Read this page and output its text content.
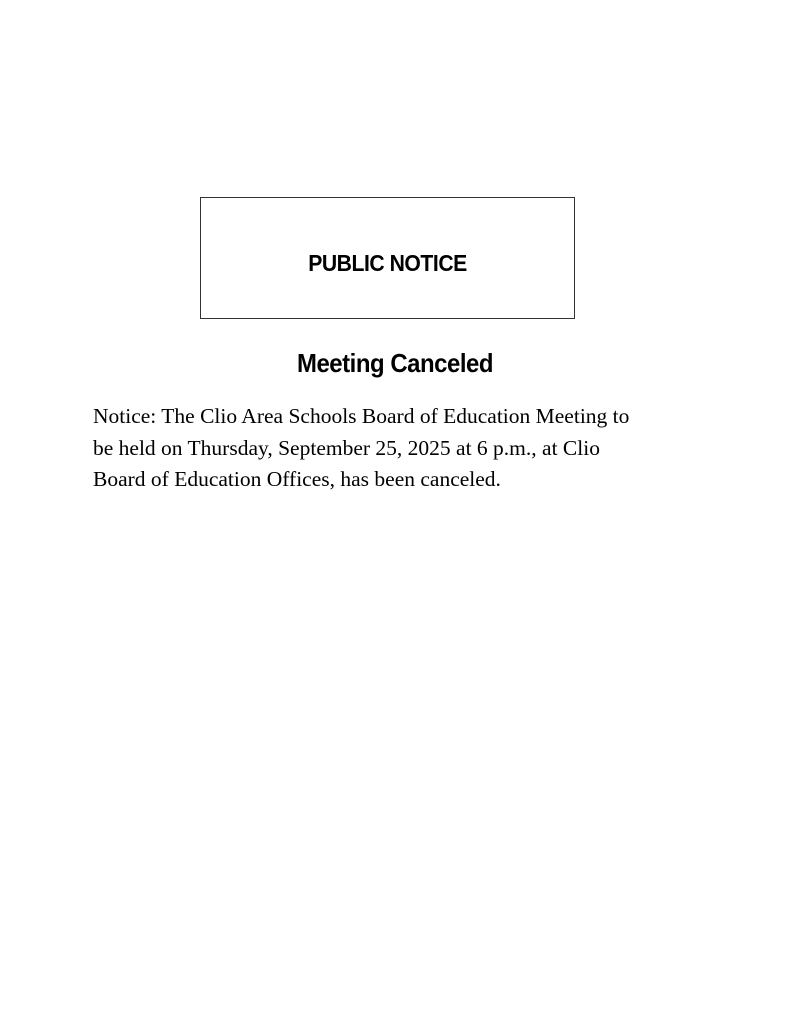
PUBLIC NOTICE
Meeting Canceled
Notice: The Clio Area Schools Board of Education Meeting to
be held on Thursday, September 25, 2025 at 6 p.m., at Clio
Board of Education Offices, has been canceled.
